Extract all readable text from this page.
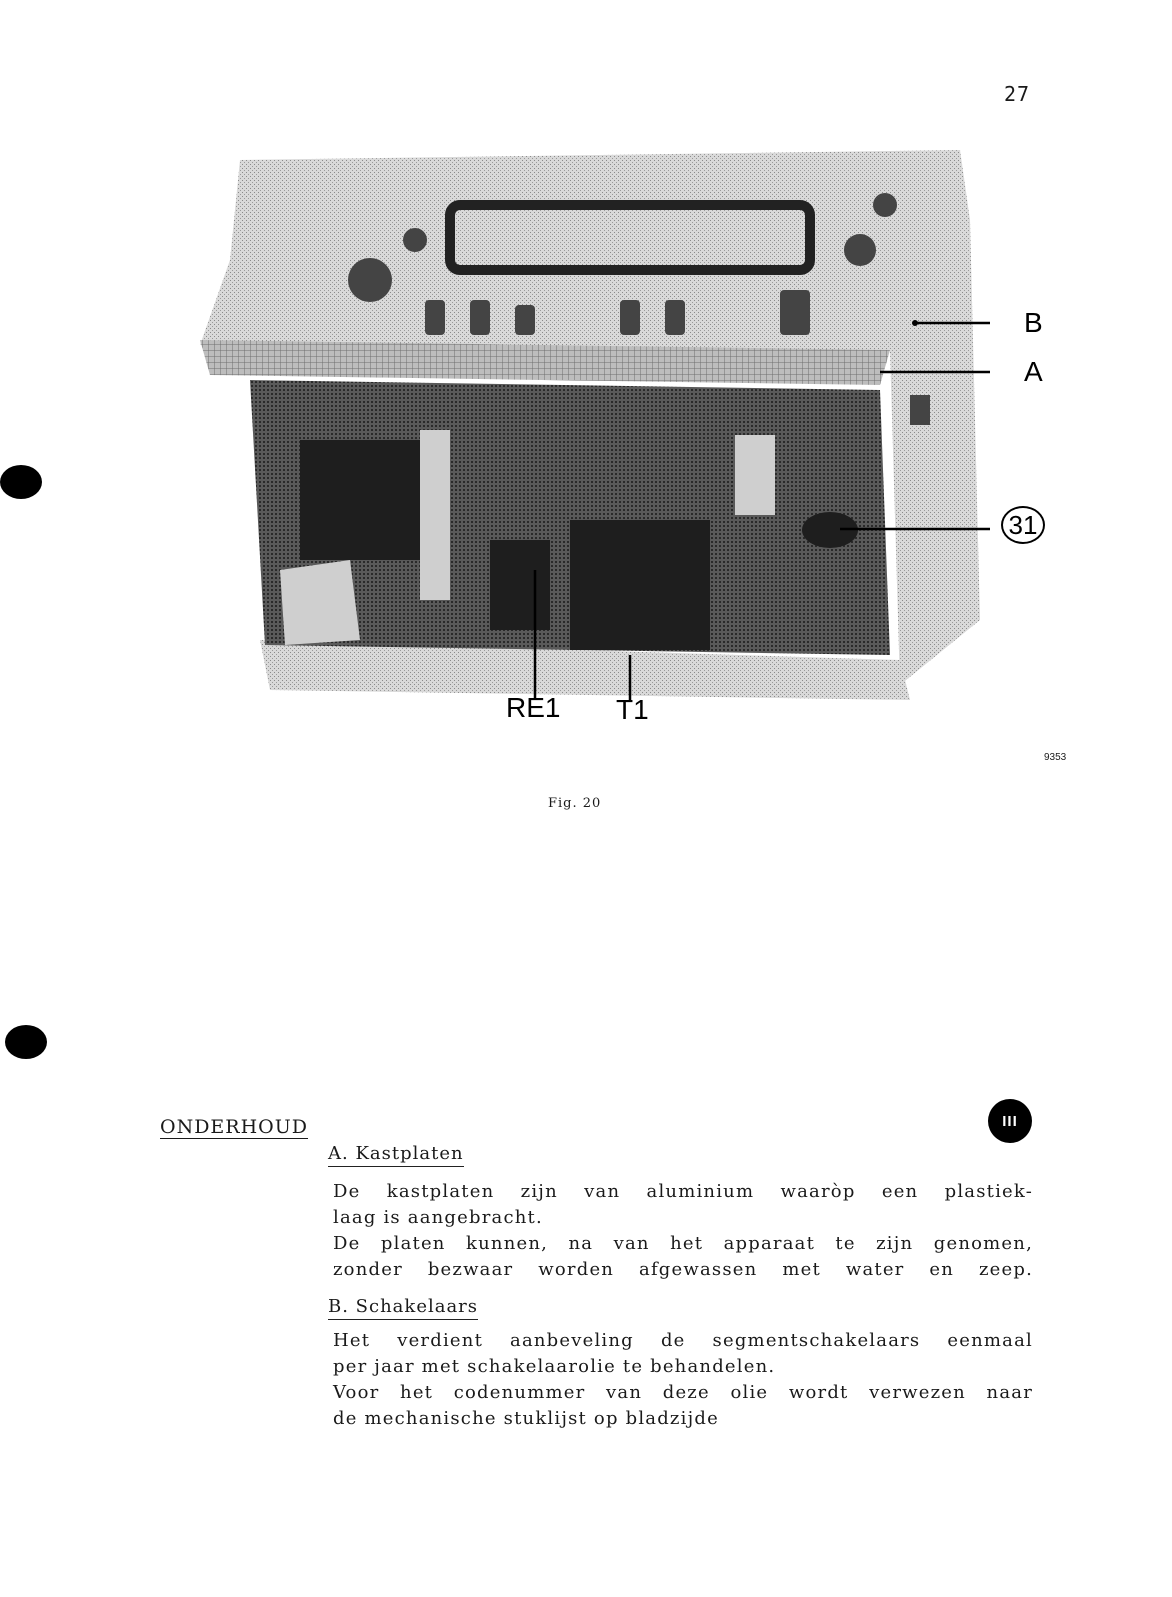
27
B
A
31
RE1 T1
9353
Fig. 20
ONDERHOUD	III
A. Kastplaten
De kastplaten zijn van aluminium waaròp een plastiek-
laag is aangebracht.
De platen kunnen, na van het apparaat te zijn genomen,
zonder bezwaar worden afgewassen met water en zeep.
B. Schakelaars
Het verdient aanbeveling de segmentschakelaars eenmaal
per jaar met schakelaarolie te behandelen.
Voor het codenummer van deze olie wordt verwezen naar
de mechanische stuklijst op bladzijde
